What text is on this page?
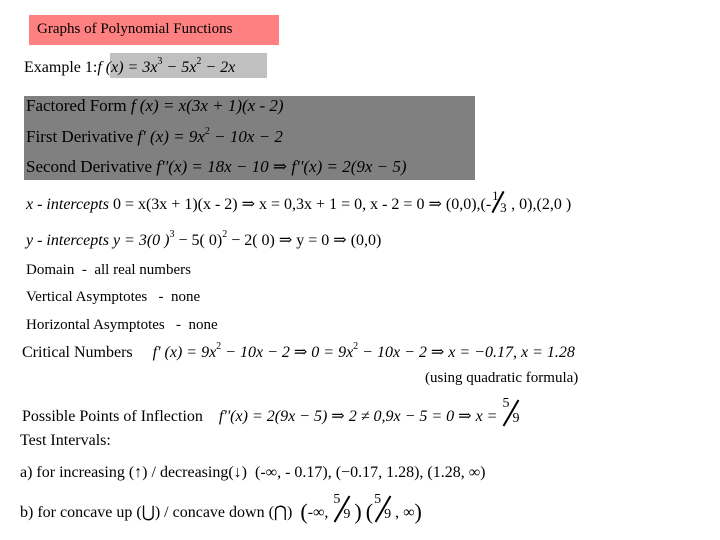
Graphs of Polynomial Functions
Example 1:f $(x) = 3x^3 - 5x^2 - 2x$
Factored Form f (x) = x(3x + 1)(x - 2)
First Derivative f' $(x) = 9x^2 - 10x - 2$
Second Derivative f''(x) = 18x − 10 ⇒ f''(x) = 2(9x − 5)
x - intercepts 0 = x(3x + 1)(x - 2) ⇒ x = 0,3x + 1 = 0, x - 2 = 0 ⇒ (0,0),(-
1
3 , 0),(2,0 )
y - intercepts y = 3(0 )$^3$ − 5( 0)$^2$ − 2( 0) ⇒ y = 0 ⇒ (0,0)
Domain - all real numbers
Vertical Asymptotes - none
Horizontal Asymptotes - none
Critical Numbers f' $(x) = 9x^2 - 10x - 2$ ⇒ $0 = 9x^2 - 10x - 2$ ⇒ x = −0.17, x = 1.28
(using quadratic formula)
Possible Points of Inflection f''(x) = 2(9x − 5) ⇒ 2 ≠ 0,9x − 5 = 0 ⇒ x =
5
9
Test Intervals:
a) for increasing (↑) / decreasing(↓) (-∞, - 0.17), (−0.17, 1.28), (1.28, ∞)
b) for concave up (⋃) / concave down (⋂) (-∞,
5
9 ) ( 5
9 , ∞)
